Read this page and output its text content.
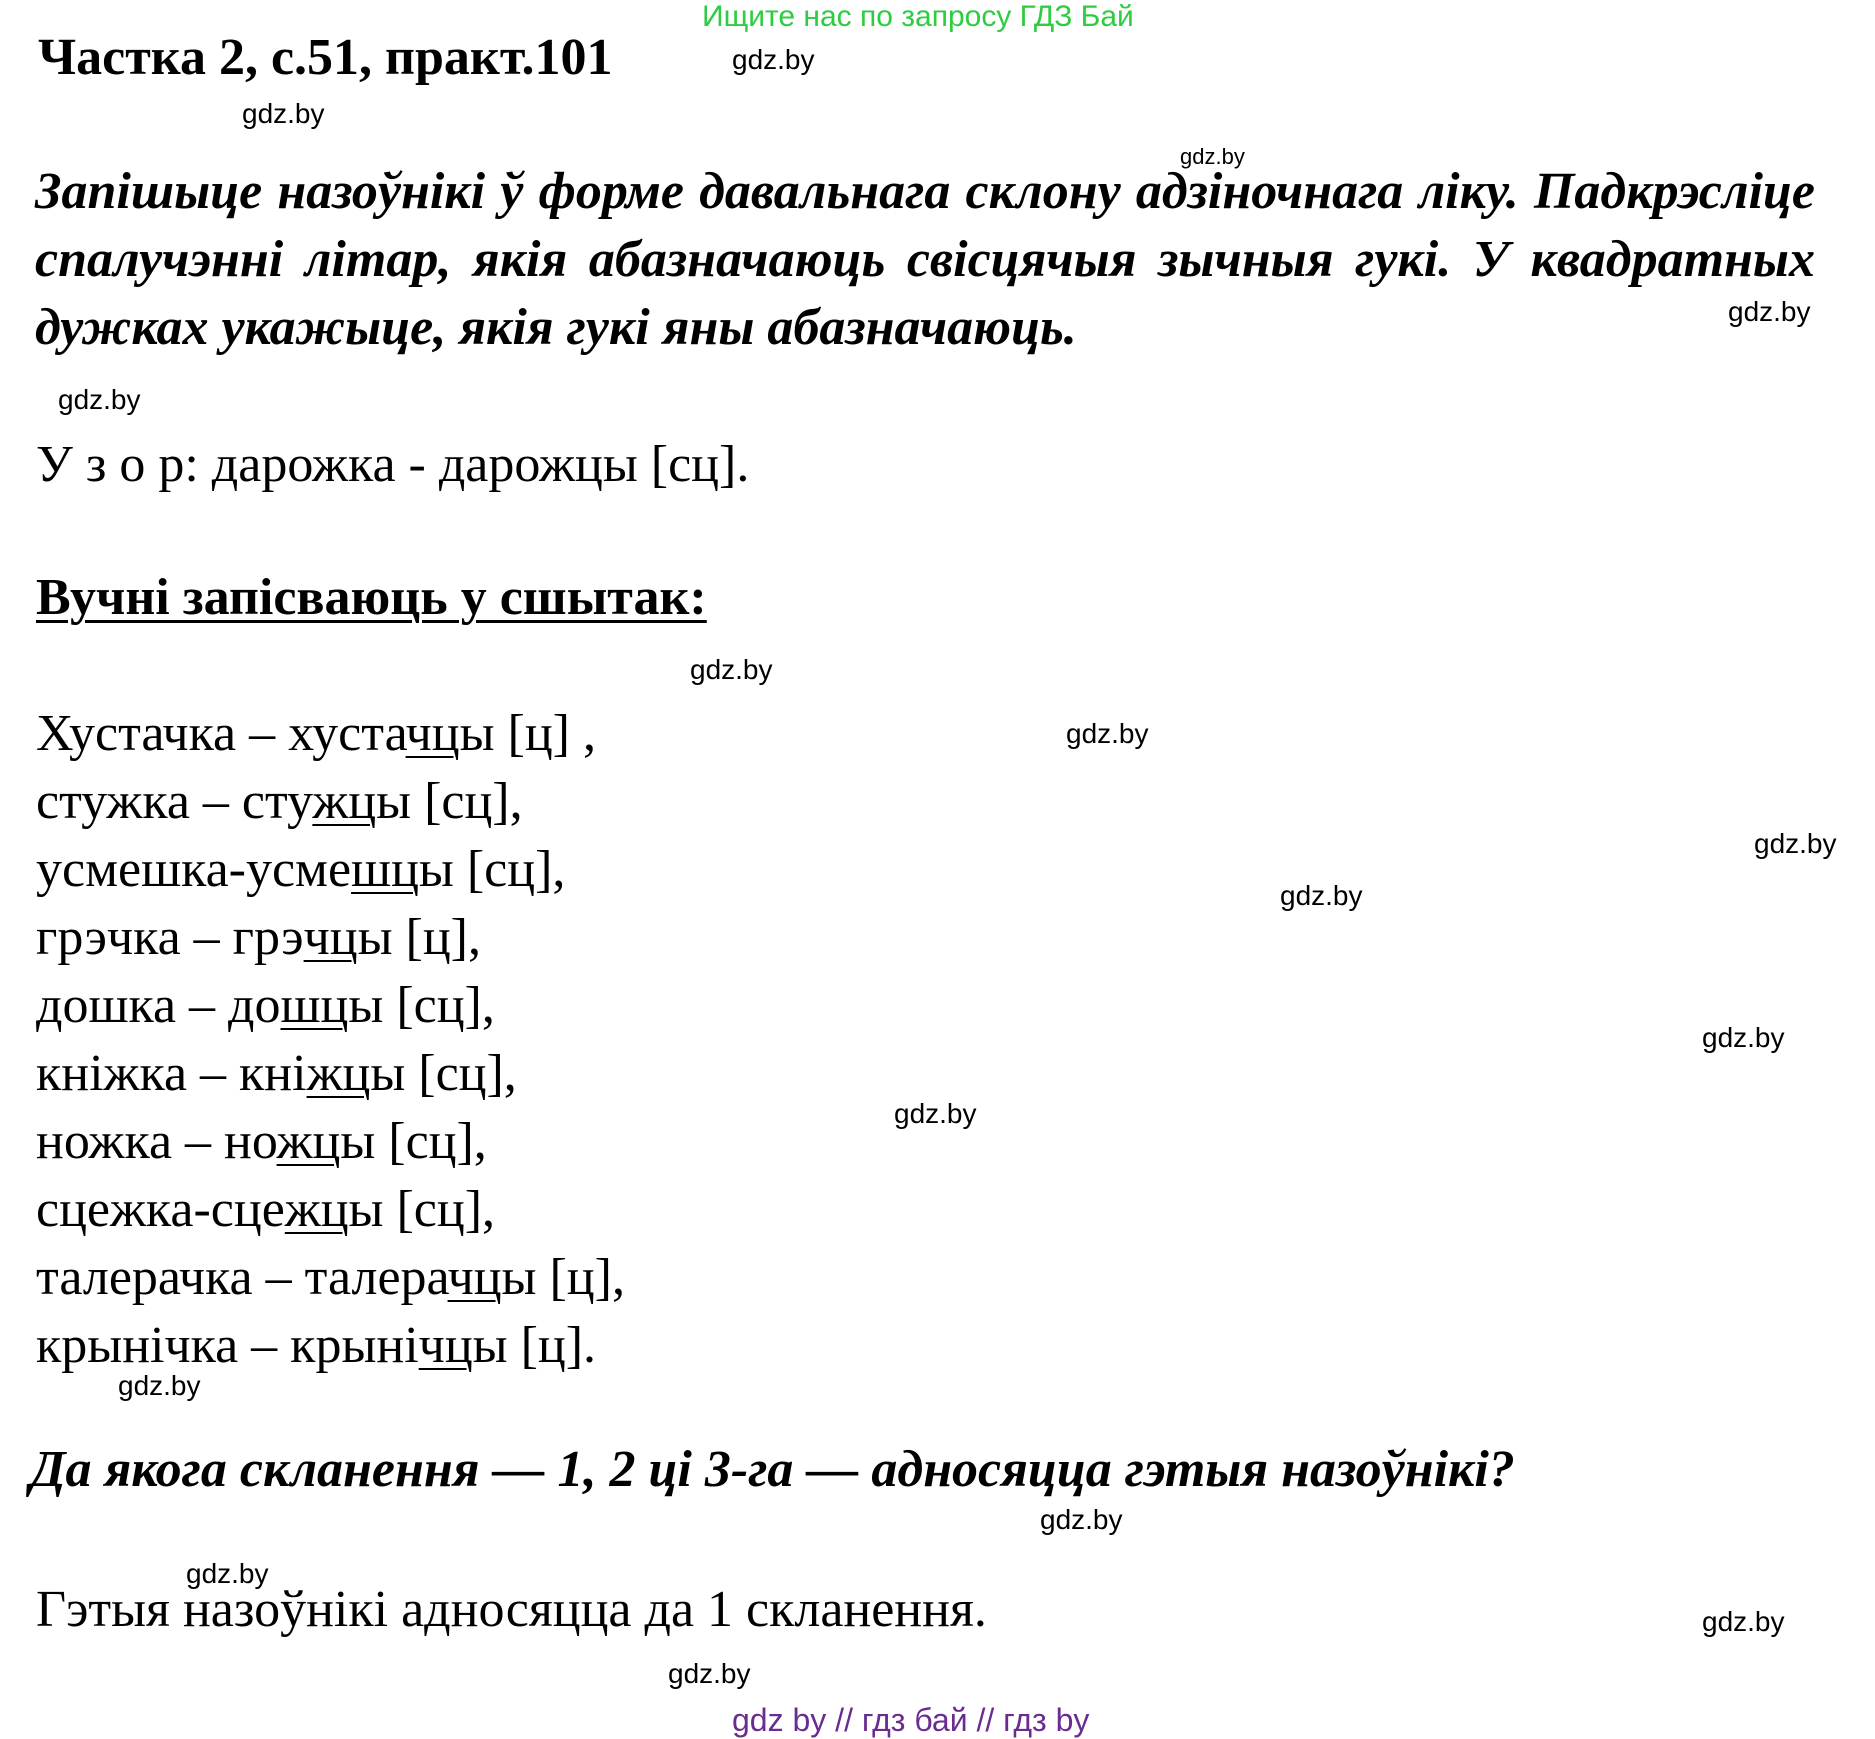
Ищите нас по запросу ГДЗ Бай
Частка 2, с.51, практ.101
Запішыце назоўнікі ў форме давальнага склону адзіночнага ліку. Падкрэсліце спалучэнні літар, якія абазначаюць свісцячыя зычныя гукі. У квадратных дужках укажыце, якія гукі яны абазначаюць.
У з о р: дарожка - дарожцы [сц].
Вучні запісваюць у сшытак:
Хустачка – хустачцы [ц] ,
стужка – стужцы [сц],
усмешка-усмешцы [сц],
грэчка – грэчцы [ц],
дошка – дошцы [сц],
кніжка – кніжцы [сц],
ножка – ножцы [сц],
сцежка-сцежцы [сц],
талерачка – талерачцы [ц],
крынічка – крынічцы [ц].
Да якога скланення — 1, 2 ці 3-га — адносяцца гэтыя назоўнікі?
Гэтыя назоўнікі адносяцца да 1 скланення.
gdz.by
gdz.by
gdz.by
gdz.by
gdz.by
gdz.by
gdz.by
gdz.by
gdz.by
gdz.by
gdz.by
gdz.by
gdz.by
gdz.by
gdz.by
gdz.by
gdz by // гдз бай // гдз by
